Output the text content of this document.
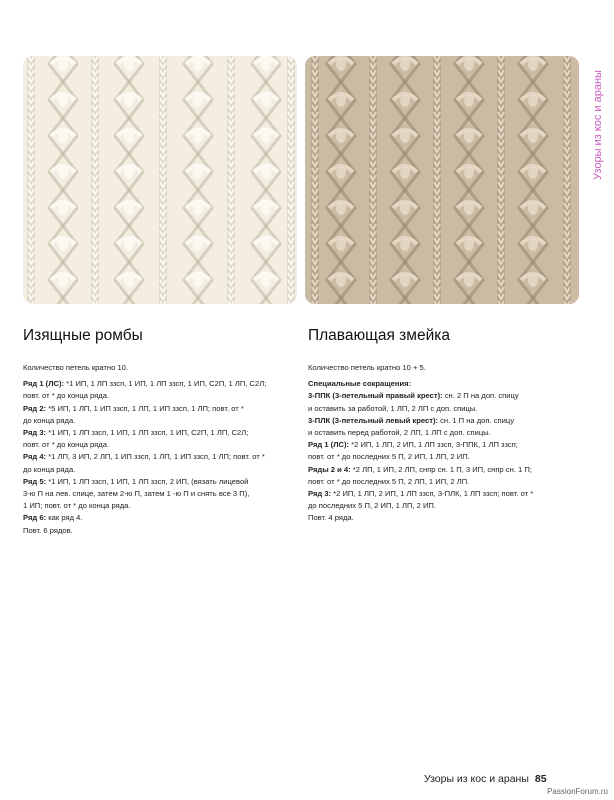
Узоры из кос и араны
Изящные ромбы	Плавающая змейка

Количество петель кратно 10.

Ряд 1 (ЛС): *1 ИП, 1 ЛП ззсп, 1 ИП, 1 ЛП ззсп, 1 ИП, С2П, 1 ЛП, С2Л;

повт. от * до конца ряда.

Ряд 2: *5 ИП, 1 ЛП, 1 ИП ззсп, 1 ЛП, 1 ИП ззсп, 1 ЛП; повт. от *

до конца ряда.

Ряд 3: *1 ИП, 1 ЛП ззсп, 1 ИП, 1 ЛП ззсп, 1 ИП, С2П, 1 ЛП, С2Л;

повт. от * до конца ряда.

Ряд 4: *1 ЛП, 3 ИП, 2 ЛП, 1 ИП ззсп, 1 ЛП, 1 ИП ззсп, 1 ЛП; повт. от *

до конца ряда.

Ряд 5: *1 ИП, 1 ЛП ззсп, 1 ИП, 1 ЛП ззсп, 2 ИП, (вязать лицевой

3-ю П на лев. спице, затем 2-ю П, затем 1 -ю П и снять все 3 П),

1 ИП; повт. от * до конца ряда.

Ряд 6: как ряд 4.

Повт. 6 рядов.

Количество петель кратно 10 + 5.

Специальные сокращения:

3-ППК (3-петельный правый крест): сн. 2 П на доп. спицу

и оставить за работой, 1 ЛП, 2 ЛП с доп. спицы.

3-ПЛК (3-петельный левый крест): сн. 1 П на доп. спицу

и оставить перед работой, 2 ЛП, 1 ЛП с доп. спицы.

Ряд 1 (ЛС): *2 ИП, 1 ЛП, 2 ИП, 1 ЛП ззсп, 3-ППК, 1 ЛП ззсп;

повт. от * до последних 5 П, 2 ИП, 1 ЛП, 2 ИП.

Ряды 2 и 4: *2 ЛП, 1 ИП, 2 ЛП, снпр сн. 1 П, 3 ИП, снпр сн. 1 П;

повт. от * до последних 5 П, 2 ЛП, 1 ИП, 2 ЛП.

Ряд 3: *2 ИП, 1 ЛП, 2 ИП, 1 ЛП ззсп, 3-ПЛК, 1 ЛП ззсп; повт. от *

до последних 5 П, 2 ИП, 1 ЛП, 2 ИП.

Повт. 4 ряда.

Узоры из кос и араны 85
PassionForum.ru
